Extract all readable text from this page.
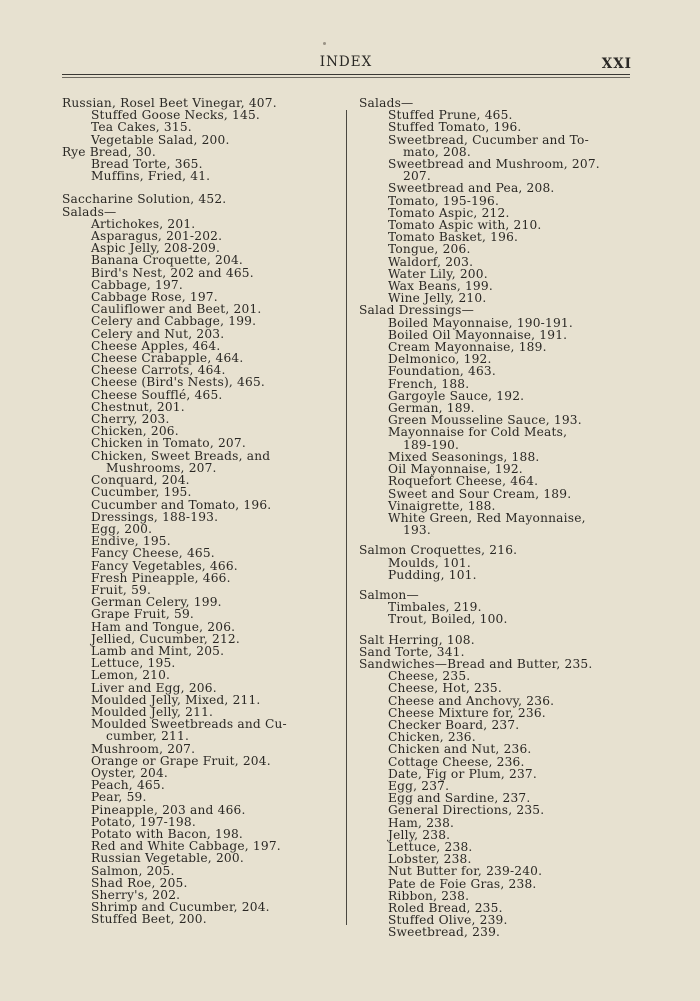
INDEX	XXI
Russian, Rosel Beet Vinegar, 407.
Stuffed Goose Necks, 145.
Tea Cakes, 315.
Vegetable Salad, 200.
Rye Bread, 30.
Bread Torte, 365.
Muffins, Fried, 41.
Saccharine Solution, 452.
Salads—
Artichokes, 201.
Asparagus, 201-202.
Aspic Jelly, 208-209.
Banana Croquette, 204.
Bird's Nest, 202 and 465.
Cabbage, 197.
Cabbage Rose, 197.
Cauliflower and Beet, 201.
Celery and Cabbage, 199.
Celery and Nut, 203.
Cheese Apples, 464.
Cheese Crabapple, 464.
Cheese Carrots, 464.
Cheese (Bird's Nests), 465.
Cheese Soufflé, 465.
Chestnut, 201.
Cherry, 203.
Chicken, 206.
Chicken in Tomato, 207.
Chicken, Sweet Breads, and
Mushrooms, 207.
Conquard, 204.
Cucumber, 195.
Cucumber and Tomato, 196.
Dressings, 188-193.
Egg, 200.
Endive, 195.
Fancy Cheese, 465.
Fancy Vegetables, 466.
Fresh Pineapple, 466.
Fruit, 59.
German Celery, 199.
Grape Fruit, 59.
Ham and Tongue, 206.
Jellied, Cucumber, 212.
Lamb and Mint, 205.
Lettuce, 195.
Lemon, 210.
Liver and Egg, 206.
Moulded Jelly, Mixed, 211.
Moulded Jelly, 211.
Moulded Sweetbreads and Cu-
cumber, 211.
Mushroom, 207.
Orange or Grape Fruit, 204.
Oyster, 204.
Peach, 465.
Pear, 59.
Pineapple, 203 and 466.
Potato, 197-198.
Potato with Bacon, 198.
Red and White Cabbage, 197.
Russian Vegetable, 200.
Salmon, 205.
Shad Roe, 205.
Sherry's, 202.
Shrimp and Cucumber, 204.
Stuffed Beet, 200.
Salads—
Stuffed Prune, 465.
Stuffed Tomato, 196.
Sweetbread, Cucumber and To-
mato, 208.
Sweetbread and Mushroom, 207.
207.
Sweetbread and Pea, 208.
Tomato, 195-196.
Tomato Aspic, 212.
Tomato Aspic with, 210.
Tomato Basket, 196.
Tongue, 206.
Waldorf, 203.
Water Lily, 200.
Wax Beans, 199.
Wine Jelly, 210.
Salad Dressings—
Boiled Mayonnaise, 190-191.
Boiled Oil Mayonnaise, 191.
Cream Mayonnaise, 189.
Delmonico, 192.
Foundation, 463.
French, 188.
Gargoyle Sauce, 192.
German, 189.
Green Mousseline Sauce, 193.
Mayonnaise for Cold Meats,
189-190.
Mixed Seasonings, 188.
Oil Mayonnaise, 192.
Roquefort Cheese, 464.
Sweet and Sour Cream, 189.
Vinaigrette, 188.
White Green, Red Mayonnaise,
193.
Salmon Croquettes, 216.
Moulds, 101.
Pudding, 101.
Salmon—
Timbales, 219.
Trout, Boiled, 100.
Salt Herring, 108.
Sand Torte, 341.
Sandwiches—Bread and Butter, 235.
Cheese, 235.
Cheese, Hot, 235.
Cheese and Anchovy, 236.
Cheese Mixture for, 236.
Checker Board, 237.
Chicken, 236.
Chicken and Nut, 236.
Cottage Cheese, 236.
Date, Fig or Plum, 237.
Egg, 237.
Egg and Sardine, 237.
General Directions, 235.
Ham, 238.
Jelly, 238.
Lettuce, 238.
Lobster, 238.
Nut Butter for, 239-240.
Pate de Foie Gras, 238.
Ribbon, 238.
Roled Bread, 235.
Stuffed Olive, 239.
Sweetbread, 239.
